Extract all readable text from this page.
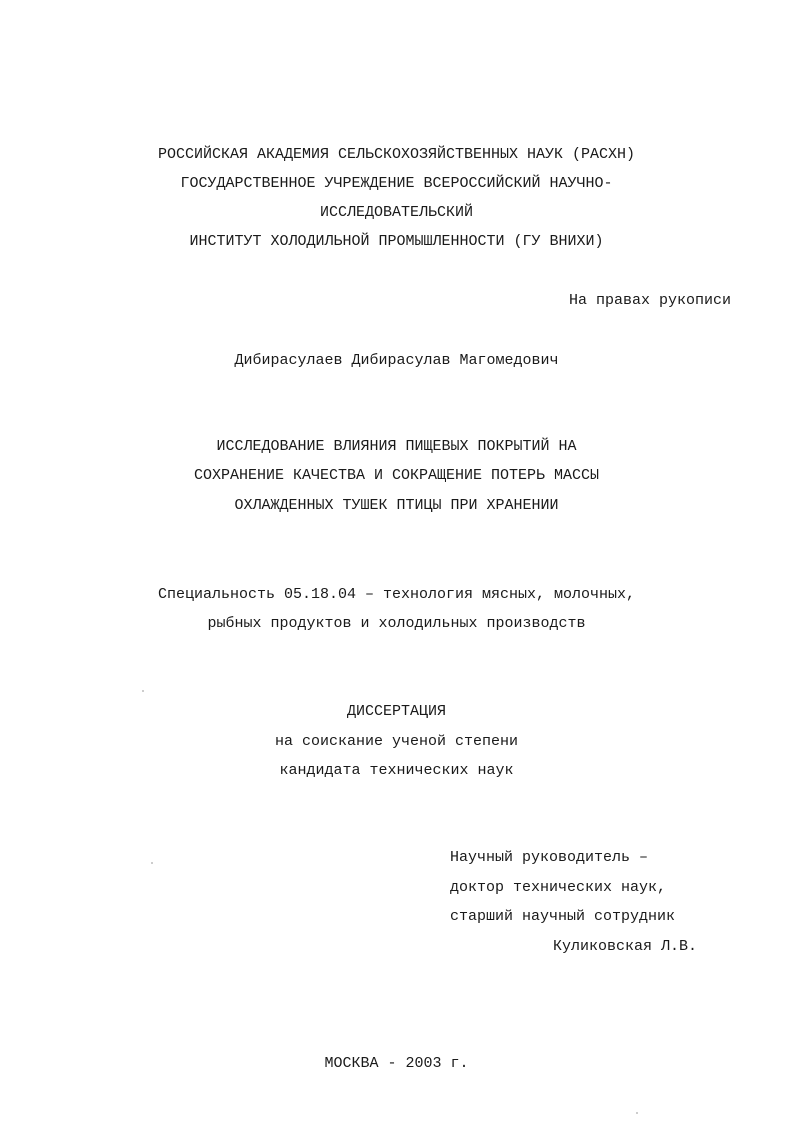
РОССИЙСКАЯ АКАДЕМИЯ СЕЛЬСКОХОЗЯЙСТВЕННЫХ НАУК (РАСХН)
ГОСУДАРСТВЕННОЕ УЧРЕЖДЕНИЕ ВСЕРОССИЙСКИЙ НАУЧНО-
ИССЛЕДОВАТЕЛЬСКИЙ
ИНСТИТУТ ХОЛОДИЛЬНОЙ ПРОМЫШЛЕННОСТИ (ГУ ВНИХИ)
На правах рукописи
Дибирасулаев Дибирасулав Магомедович
ИССЛЕДОВАНИЕ ВЛИЯНИЯ ПИЩЕВЫХ ПОКРЫТИЙ НА
СОХРАНЕНИЕ КАЧЕСТВА И СОКРАЩЕНИЕ ПОТЕРЬ МАССЫ
ОХЛАЖДЕННЫХ ТУШЕК ПТИЦЫ ПРИ ХРАНЕНИИ
Специальность 05.18.04 – технология мясных, молочных,
рыбных продуктов и холодильных производств
ДИССЕРТАЦИЯ
на соискание ученой степени
кандидата технических наук
Научный руководитель –
доктор технических наук,
старший научный сотрудник
Куликовская Л.В.
МОСКВА - 2003 г.
